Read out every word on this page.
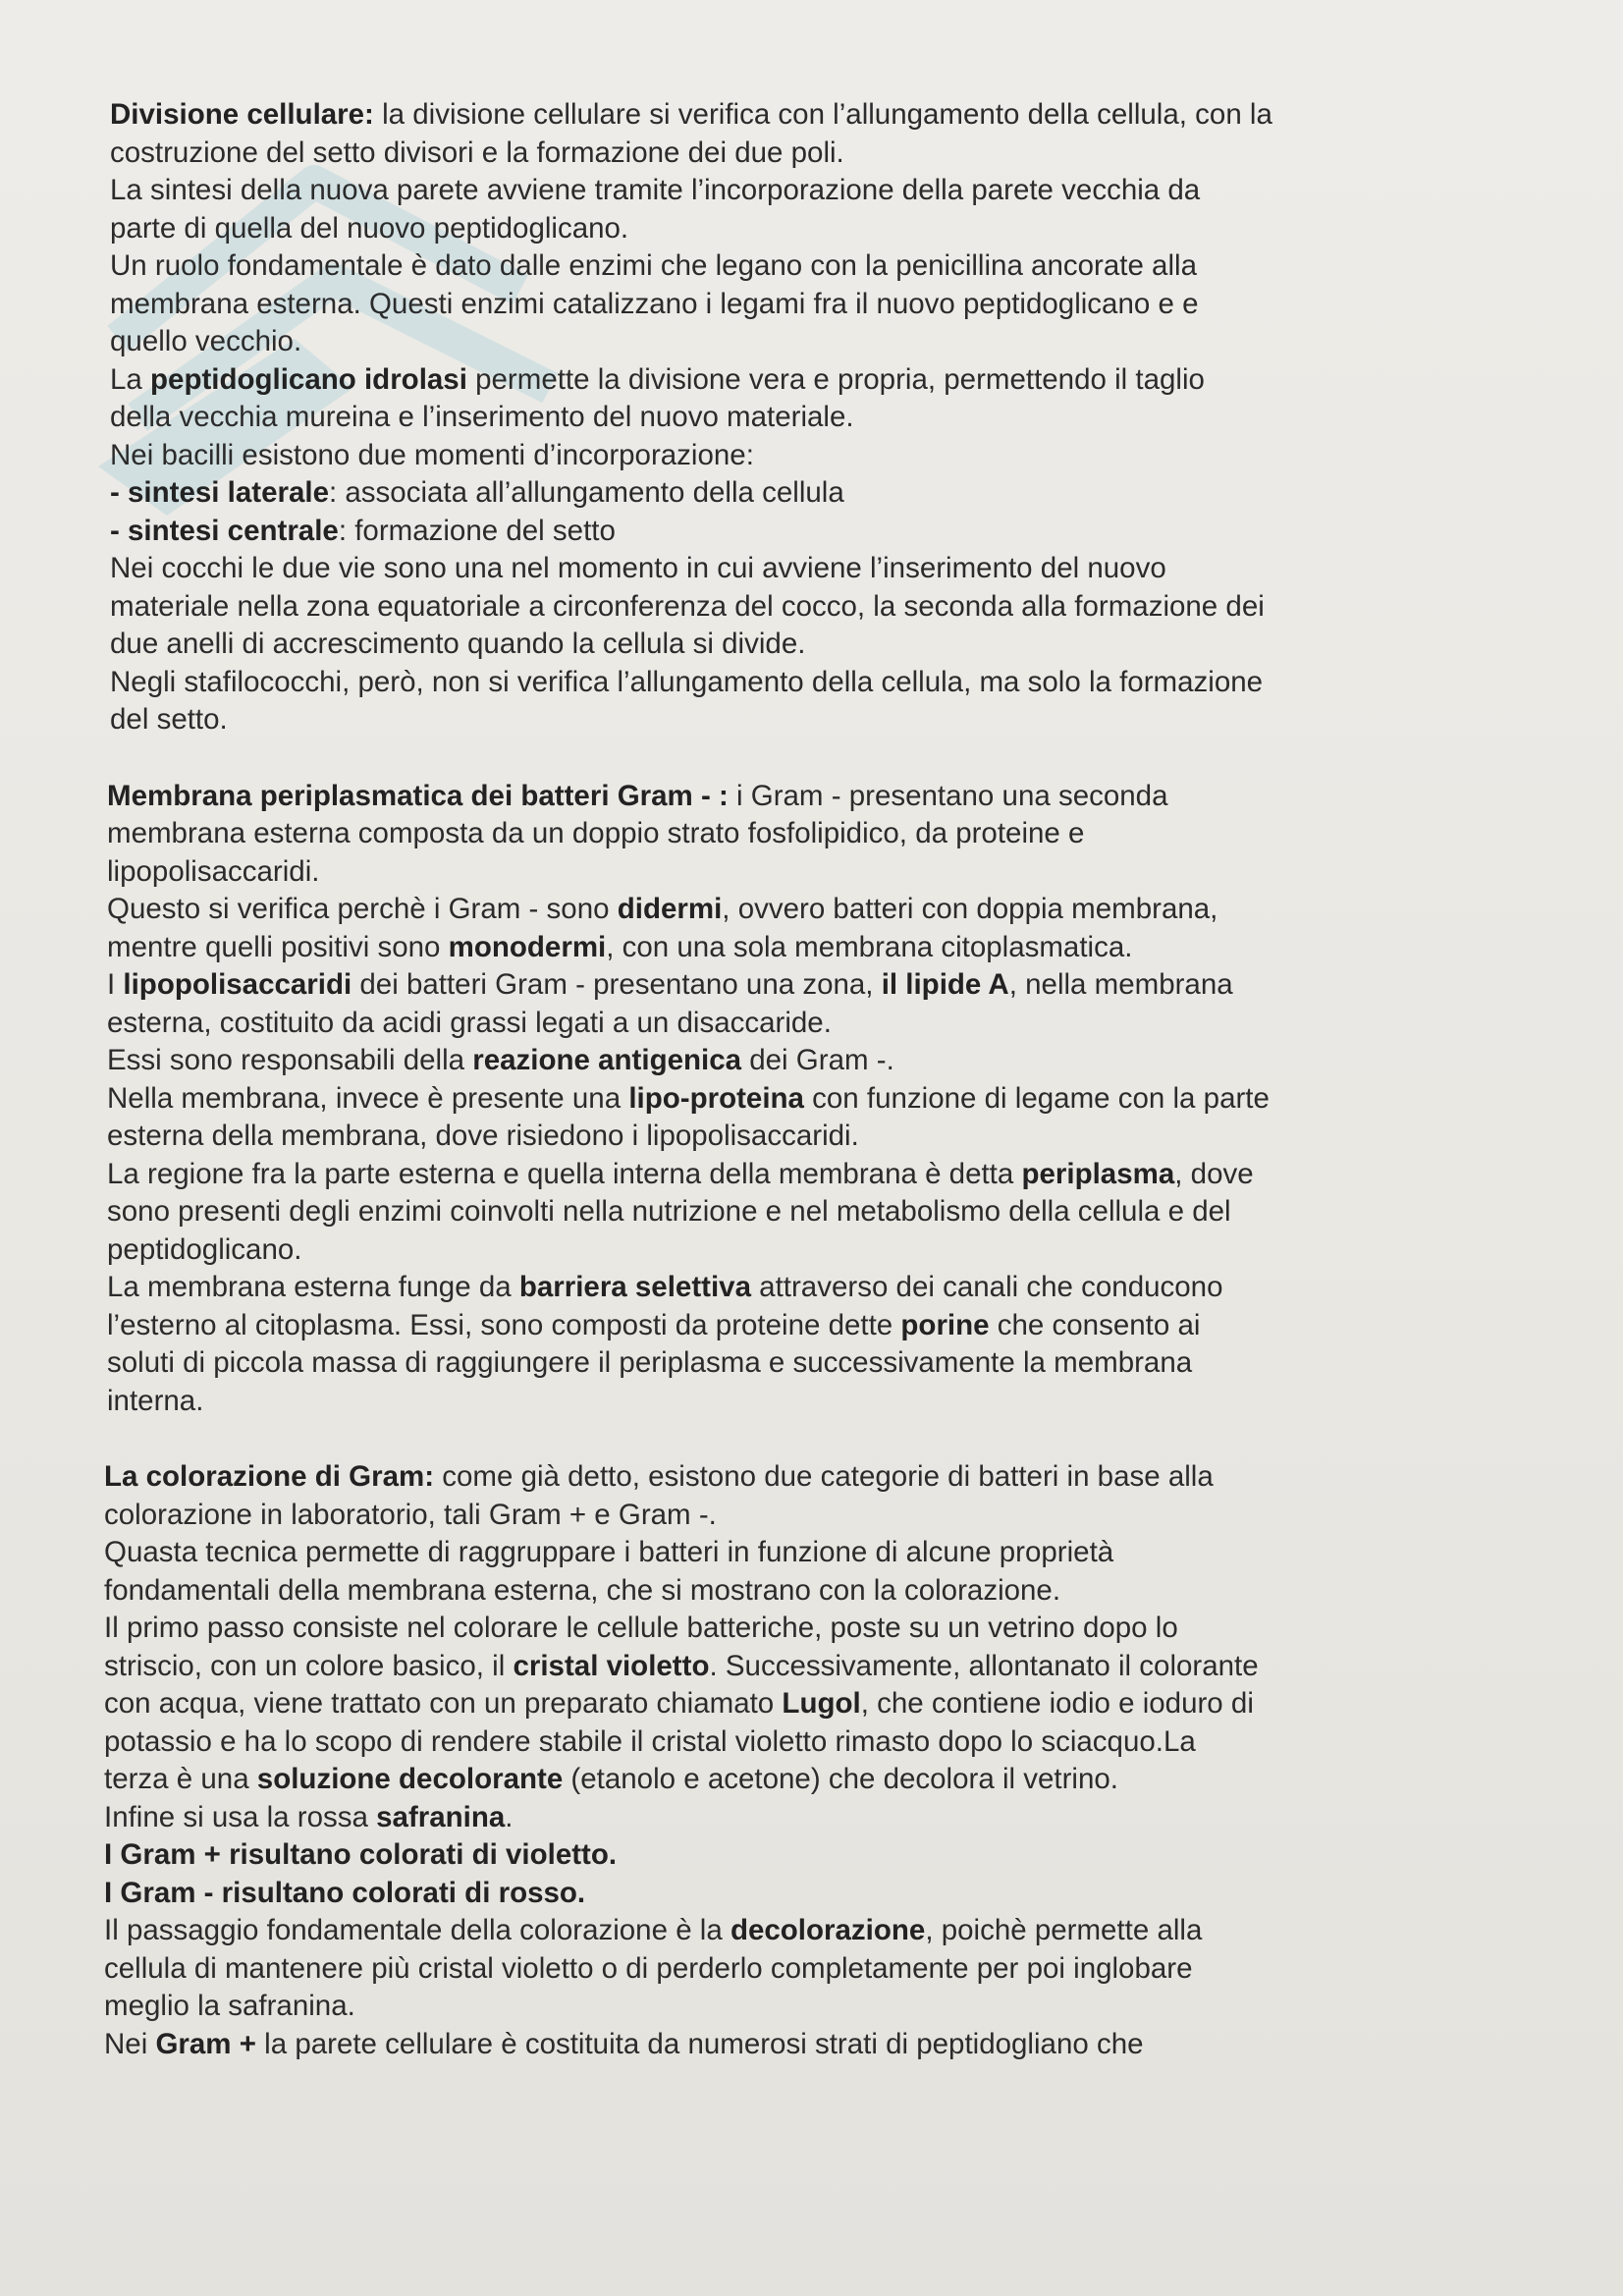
Divisione cellulare: la divisione cellulare si verifica con l’allungamento della cellula, con la

costruzione del setto divisori e la formazione dei due poli.

La sintesi della nuova parete avviene tramite l’incorporazione della parete vecchia da

parte di quella del nuovo peptidoglicano.

Un ruolo fondamentale è dato dalle enzimi che legano con la penicillina ancorate alla

membrana esterna. Questi enzimi catalizzano i legami fra il nuovo peptidoglicano e e

quello vecchio.

La peptidoglicano idrolasi permette la divisione vera e propria, permettendo il taglio

della vecchia mureina e l’inserimento del nuovo materiale.

Nei bacilli esistono due momenti d’incorporazione:

- sintesi laterale: associata all’allungamento della cellula

- sintesi centrale: formazione del setto

Nei cocchi le due vie sono una nel momento in cui avviene l’inserimento del nuovo

materiale nella zona equatoriale a circonferenza del cocco, la seconda alla formazione dei

due anelli di accrescimento quando la cellula si divide.

Negli stafilococchi, però, non si verifica l’allungamento della cellula, ma solo la formazione

del setto.

Membrana periplasmatica dei batteri Gram - : i Gram - presentano una seconda

membrana esterna composta da un doppio strato fosfolipidico, da proteine e

lipopolisaccaridi.

Questo si verifica perchè i Gram - sono didermi, ovvero batteri con doppia membrana,

mentre quelli positivi sono monodermi, con una sola membrana citoplasmatica.

I lipopolisaccaridi dei batteri Gram - presentano una zona, il lipide A, nella membrana

esterna, costituito da acidi grassi legati a un disaccaride.

Essi sono responsabili della reazione antigenica dei Gram -.

Nella membrana, invece è presente una lipo-proteina con funzione di legame con la parte

esterna della membrana, dove risiedono i lipopolisaccaridi.

La regione fra la parte esterna e quella interna della membrana è detta periplasma, dove

sono presenti degli enzimi coinvolti nella nutrizione e nel metabolismo della cellula e del

peptidoglicano.

La membrana esterna funge da barriera selettiva attraverso dei canali che conducono

l’esterno al citoplasma. Essi, sono composti da proteine dette porine che consento ai

soluti di piccola massa di raggiungere il periplasma e successivamente la membrana

interna.

La colorazione di Gram: come già detto, esistono due categorie di batteri in base alla

colorazione in laboratorio, tali Gram + e Gram -.

Quasta tecnica permette di raggruppare i batteri in funzione di alcune proprietà

fondamentali della membrana esterna, che si mostrano con la colorazione.

Il primo passo consiste nel colorare le cellule batteriche, poste su un vetrino dopo lo

striscio, con un colore basico, il cristal violetto. Successivamente, allontanato il colorante

con acqua, viene trattato con un preparato chiamato Lugol, che contiene iodio e ioduro di

potassio e ha lo scopo di rendere stabile il cristal violetto rimasto dopo lo sciacquo.La

terza è una soluzione decolorante (etanolo e acetone) che decolora il vetrino.

Infine si usa la rossa safranina.

I Gram + risultano colorati di violetto.

I Gram - risultano colorati di rosso.

Il passaggio fondamentale della colorazione è la decolorazione, poichè permette alla

cellula di mantenere più cristal violetto o di perderlo completamente per poi inglobare

meglio la safranina.

Nei Gram + la parete cellulare è costituita da numerosi strati di peptidogliano che
